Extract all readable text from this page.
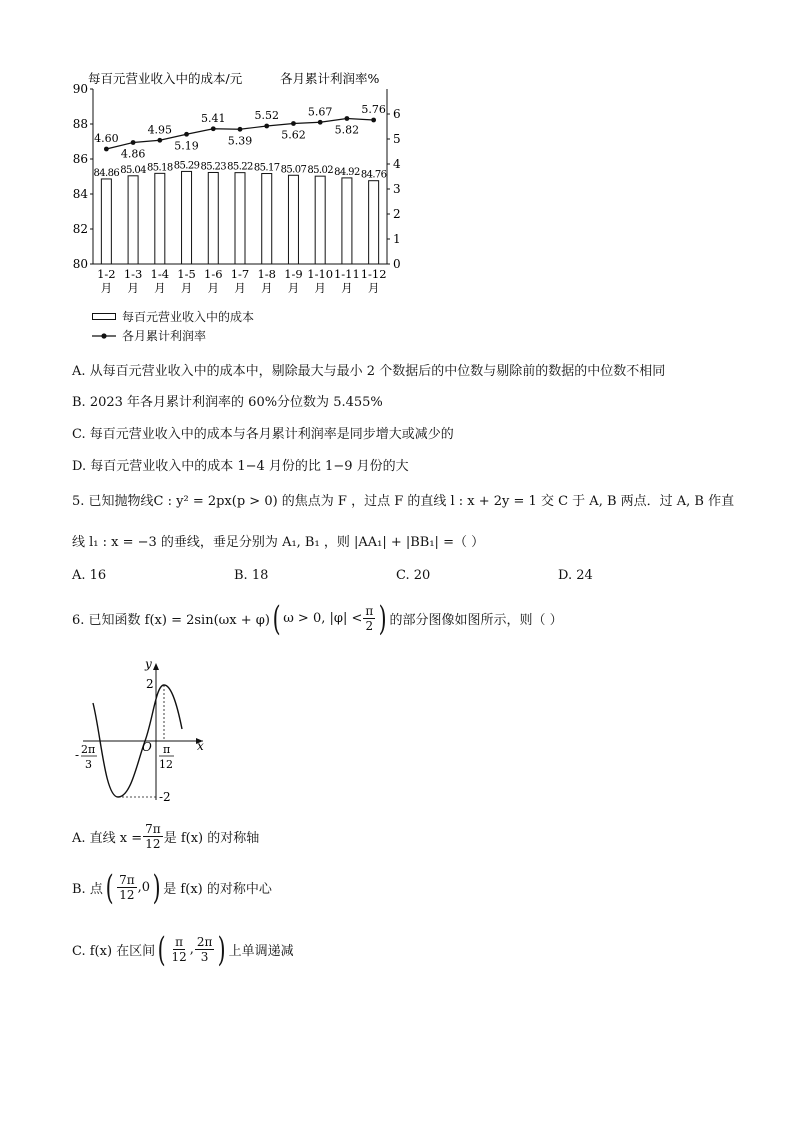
每百元营业收入中的成本/元	各月累计利润率%
80
82
84
86
88
90
0
1
2
3
4
5
6
84.86 85.04 85.18 85.29 85.23 85.22 85.17 85.07 85.02 84.92 84.76
4.60
4.86
4.95
5.19
5.41
5.39
5.52
5.62
5.67
5.82
5.76
1-2
月
1-3
月
1-4
月
1-5
月
1-6
月
1-7
月
1-8
月
1-9
月
1-10
月
1-11
月
1-12
月
每百元营业收入中的成本
各月累计利润率
A. 从每百元营业收入中的成本中，剔除最大与最小 2 个数据后的中位数与剔除前的数据的中位数不相同
B. 2023 年各月累计利润率的 60%分位数为 5.455%
C. 每百元营业收入中的成本与各月累计利润率是同步增大或减少的
D. 每百元营业收入中的成本 1−4 月份的比 1−9 月份的大
5. 已知抛物线C : y² = 2px(p > 0) 的焦点为 F ，过点 F 的直线 l : x + 2y = 1 交 C 于 A, B 两点．过 A, B 作直
线 l₁ : x = −3 的垂线，垂足分别为 A₁, B₁ ，则 |AA₁| + |BB₁| =（ ）
A. 16	B. 18	C. 20	D. 24
6. 已知函数 f(x) = 2sin(ωx + φ) ( ω > 0, $|\varphi| < \frac{\pi}{2}$ ) 的部分图像如图所示，则（ ）
y
x
O
2
-2
- 2π
3
π
12
A. 直线 $x = \frac{7\pi}{12}$ 是 f(x) 的对称轴
B. 点 ( $\frac{7\pi}{12} ,0$ ) 是 f(x) 的对称中心
C. f(x) 在区间 ( $\frac{\pi}{12}$ , $\frac{2\pi}{3}$ ) 上单调递减
